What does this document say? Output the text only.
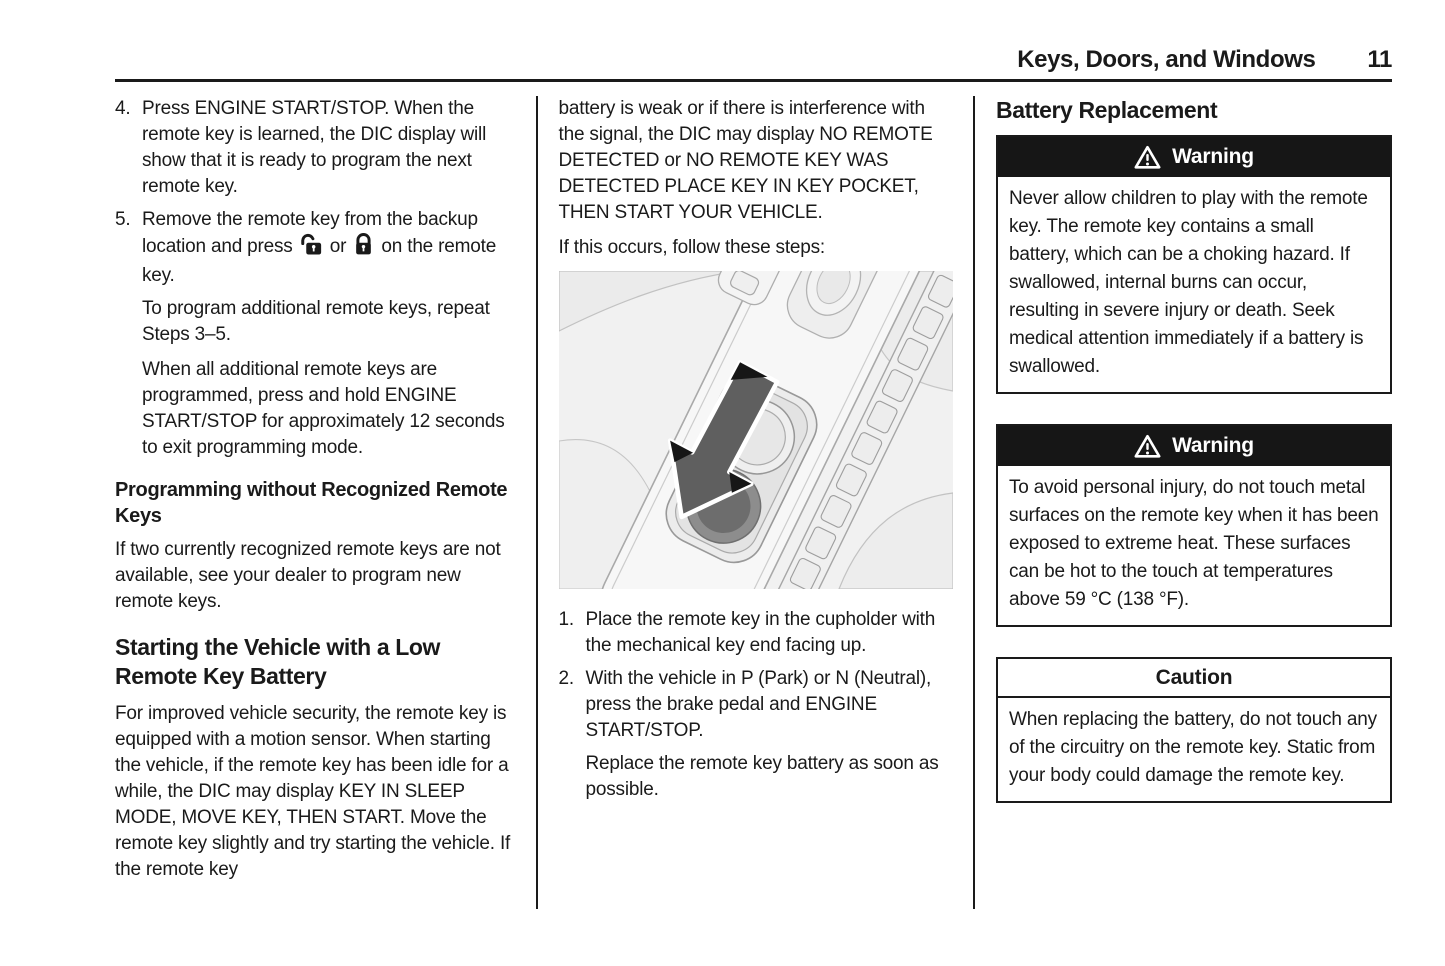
Keys, Doors, and Windows 11
4. Press ENGINE START/STOP. When the remote key is learned, the DIC display will show that it is ready to program the next remote key.
5. Remove the remote key from the backup location and press  or  on the remote key.

To program additional remote keys, repeat Steps 3–5.

When all additional remote keys are programmed, press and hold ENGINE START/STOP for approximately 12 seconds to exit programming mode.

Programming without Recognized Remote Keys

If two currently recognized remote keys are not available, see your dealer to program new remote keys.

Starting the Vehicle with a Low Remote Key Battery

For improved vehicle security, the remote key is equipped with a motion sensor. When starting the vehicle, if the remote key has been idle for a while, the DIC may display KEY IN SLEEP MODE, MOVE KEY, THEN START. Move the remote key slightly and try starting the vehicle. If the remote key

battery is weak or if there is interference with the signal, the DIC may display NO REMOTE DETECTED or NO REMOTE KEY WAS DETECTED PLACE KEY IN KEY POCKET, THEN START YOUR VEHICLE.

If this occurs, follow these steps:

1. Place the remote key in the cupholder with the mechanical key end facing up.
2. With the vehicle in P (Park) or N (Neutral), press the brake pedal and ENGINE START/STOP.

Replace the remote key battery as soon as possible.

Battery Replacement
Warning
Never allow children to play with the remote key. The remote key contains a small battery, which can be a choking hazard. If swallowed, internal burns can occur, resulting in severe injury or death. Seek medical attention immediately if a battery is swallowed.
Warning
To avoid personal injury, do not touch metal surfaces on the remote key when it has been exposed to extreme heat. These surfaces can be hot to the touch at temperatures above 59 °C (138 °F).
Caution
When replacing the battery, do not touch any of the circuitry on the remote key. Static from your body could damage the remote key.
